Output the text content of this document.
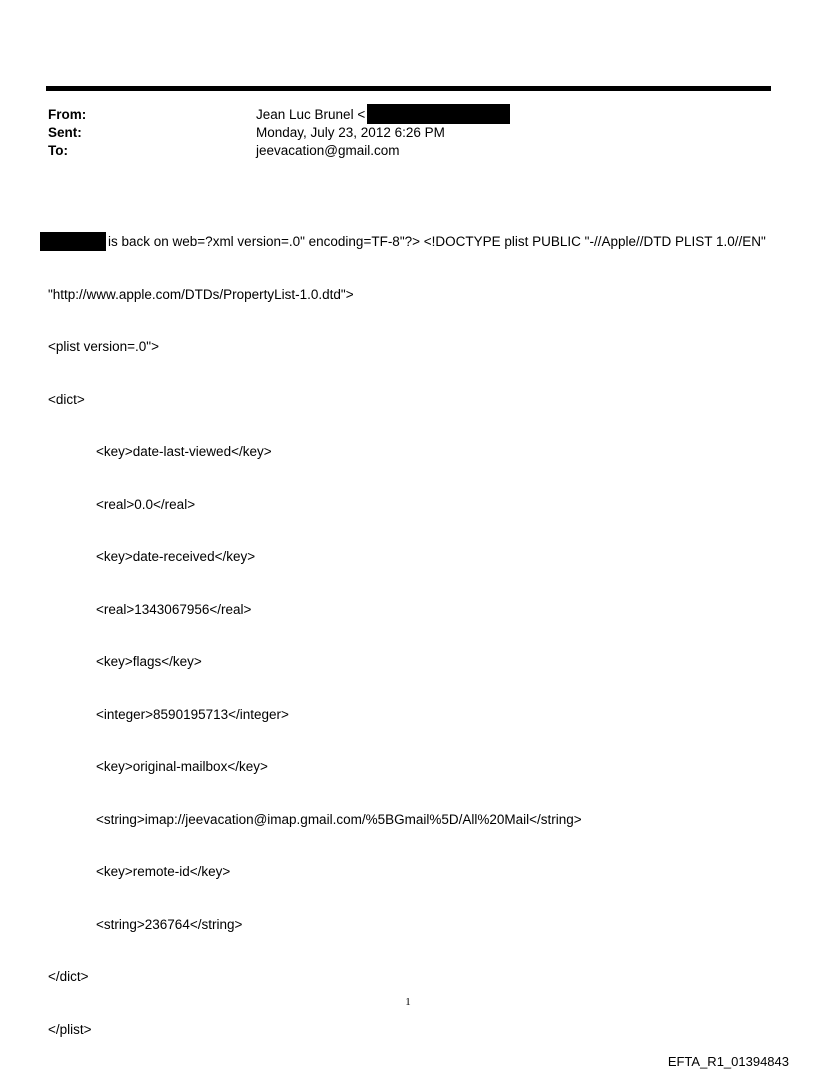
From:	Jean Luc Brunel <
Sent:	Monday, July 23, 2012 6:26 PM
To:	jeevacation@gmail.com

is back on web=?xml version=.0" encoding=TF-8"?> <!DOCTYPE plist PUBLIC "-//Apple//DTD PLIST 1.0//EN"

"http://www.apple.com/DTDs/PropertyList-1.0.dtd">

<plist version=.0">

<dict>

<key>date-last-viewed</key>

<real>0.0</real>

<key>date-received</key>

<real>1343067956</real>

<key>flags</key>

<integer>8590195713</integer>

<key>original-mailbox</key>

<string>imap://jeevacation@imap.gmail.com/%5BGmail%5D/All%20Mail</string>

<key>remote-id</key>

<string>236764</string>

</dict>

</plist>

1
EFTA_R1_01394843
